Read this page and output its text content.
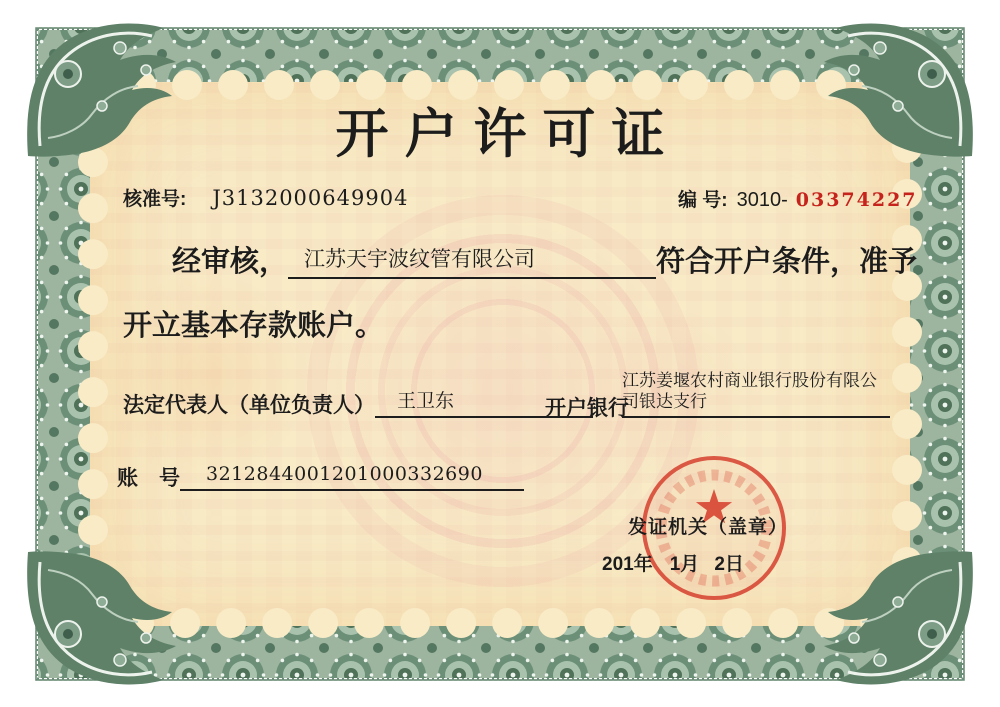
开户许可证
核准号: J3132000649904	编 号: 3010- 03374227
经审核， 江苏天宇波纹管有限公司	符合开户条件，准予
开立基本存款账户。
法定代表人（单位负责人）	王卫东	开户银行
江苏姜堰农村商业银行股份有限公司银达支行
账　号	3212844001201000332690
发证机关（盖章）
201 年 1 月 2 日
